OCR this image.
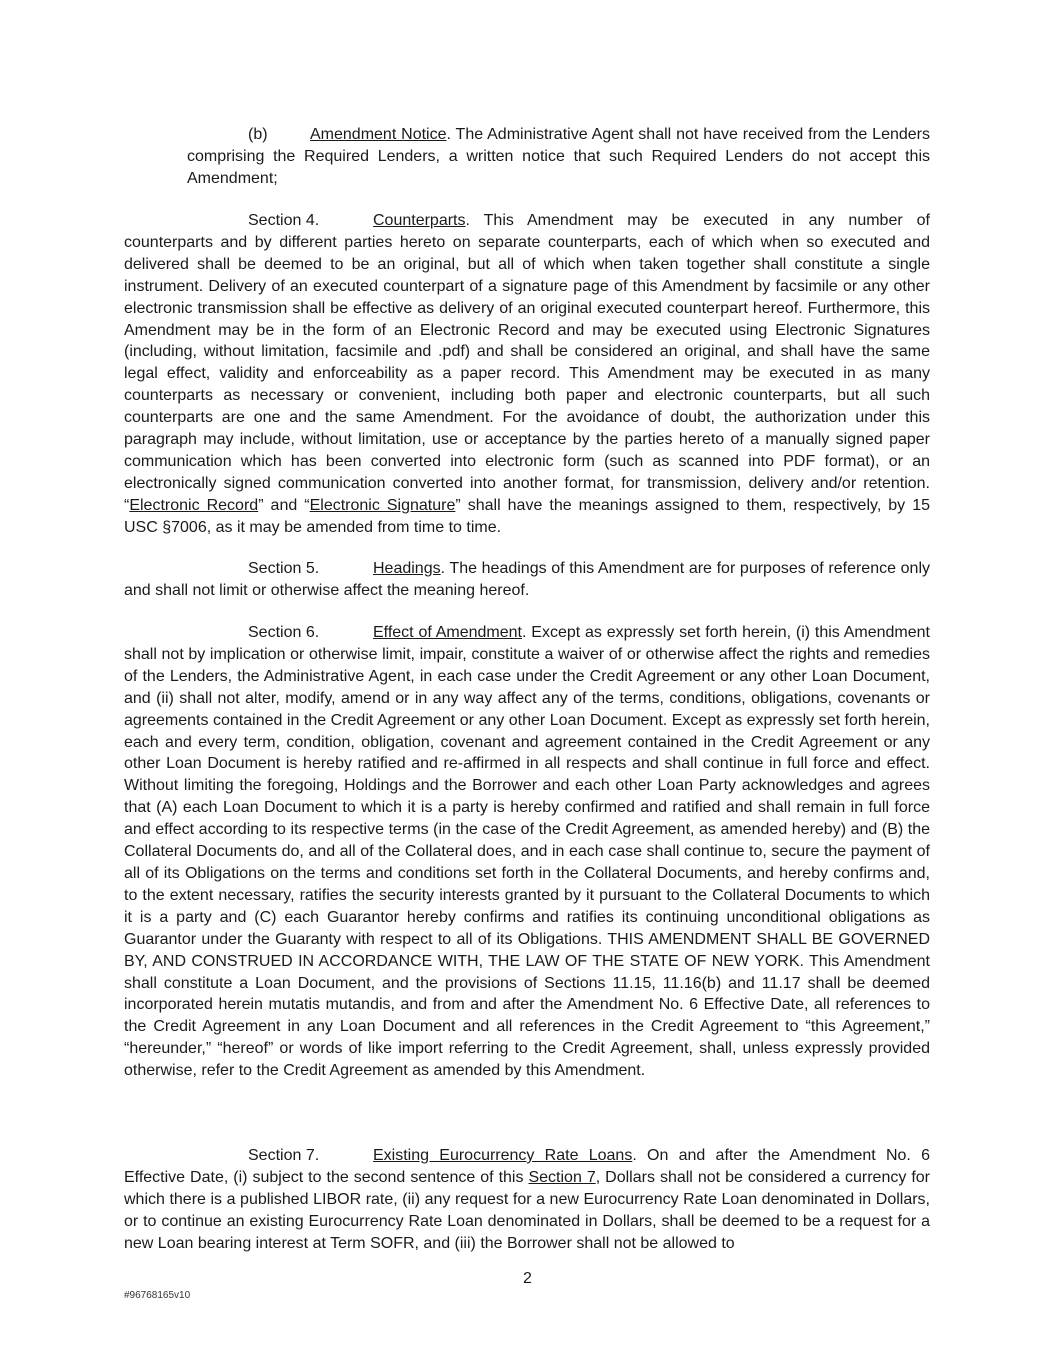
(b)	Amendment Notice. The Administrative Agent shall not have received from the Lenders comprising the Required Lenders, a written notice that such Required Lenders do not accept this Amendment;

Section 4.	Counterparts. This Amendment may be executed in any number of counterparts and by different parties hereto on separate counterparts, each of which when so executed and delivered shall be deemed to be an original, but all of which when taken together shall constitute a single instrument. Delivery of an executed counterpart of a signature page of this Amendment by facsimile or any other electronic transmission shall be effective as delivery of an original executed counterpart hereof. Furthermore, this Amendment may be in the form of an Electronic Record and may be executed using Electronic Signatures (including, without limitation, facsimile and .pdf) and shall be considered an original, and shall have the same legal effect, validity and enforceability as a paper record. This Amendment may be executed in as many counterparts as necessary or convenient, including both paper and electronic counterparts, but all such counterparts are one and the same Amendment. For the avoidance of doubt, the authorization under this paragraph may include, without limitation, use or acceptance by the parties hereto of a manually signed paper communication which has been converted into electronic form (such as scanned into PDF format), or an electronically signed communication converted into another format, for transmission, delivery and/or retention. “Electronic Record” and “Electronic Signature” shall have the meanings assigned to them, respectively, by 15 USC §7006, as it may be amended from time to time.

Section 5.	Headings. The headings of this Amendment are for purposes of reference only and shall not limit or otherwise affect the meaning hereof.

Section 6.	Effect of Amendment. Except as expressly set forth herein, (i) this Amendment shall not by implication or otherwise limit, impair, constitute a waiver of or otherwise affect the rights and remedies of the Lenders, the Administrative Agent, in each case under the Credit Agreement or any other Loan Document, and (ii) shall not alter, modify, amend or in any way affect any of the terms, conditions, obligations, covenants or agreements contained in the Credit Agreement or any other Loan Document. Except as expressly set forth herein, each and every term, condition, obligation, covenant and agreement contained in the Credit Agreement or any other Loan Document is hereby ratified and re-affirmed in all respects and shall continue in full force and effect. Without limiting the foregoing, Holdings and the Borrower and each other Loan Party acknowledges and agrees that (A) each Loan Document to which it is a party is hereby confirmed and ratified and shall remain in full force and effect according to its respective terms (in the case of the Credit Agreement, as amended hereby) and (B) the Collateral Documents do, and all of the Collateral does, and in each case shall continue to, secure the payment of all of its Obligations on the terms and conditions set forth in the Collateral Documents, and hereby confirms and, to the extent necessary, ratifies the security interests granted by it pursuant to the Collateral Documents to which it is a party and (C) each Guarantor hereby confirms and ratifies its continuing unconditional obligations as Guarantor under the Guaranty with respect to all of its Obligations. THIS AMENDMENT SHALL BE GOVERNED BY, AND CONSTRUED IN ACCORDANCE WITH, THE LAW OF THE STATE OF NEW YORK. This Amendment shall constitute a Loan Document, and the provisions of Sections 11.15, 11.16(b) and 11.17 shall be deemed incorporated herein mutatis mutandis, and from and after the Amendment No. 6 Effective Date, all references to the Credit Agreement in any Loan Document and all references in the Credit Agreement to “this Agreement,” “hereunder,” “hereof” or words of like import referring to the Credit Agreement, shall, unless expressly provided otherwise, refer to the Credit Agreement as amended by this Amendment.

Section 7.	Existing Eurocurrency Rate Loans. On and after the Amendment No. 6 Effective Date, (i) subject to the second sentence of this Section 7, Dollars shall not be considered a currency for which there is a published LIBOR rate, (ii) any request for a new Eurocurrency Rate Loan denominated in Dollars, or to continue an existing Eurocurrency Rate Loan denominated in Dollars, shall be deemed to be a request for a new Loan bearing interest at Term SOFR, and (iii) the Borrower shall not be allowed to

2
#96768165v10
